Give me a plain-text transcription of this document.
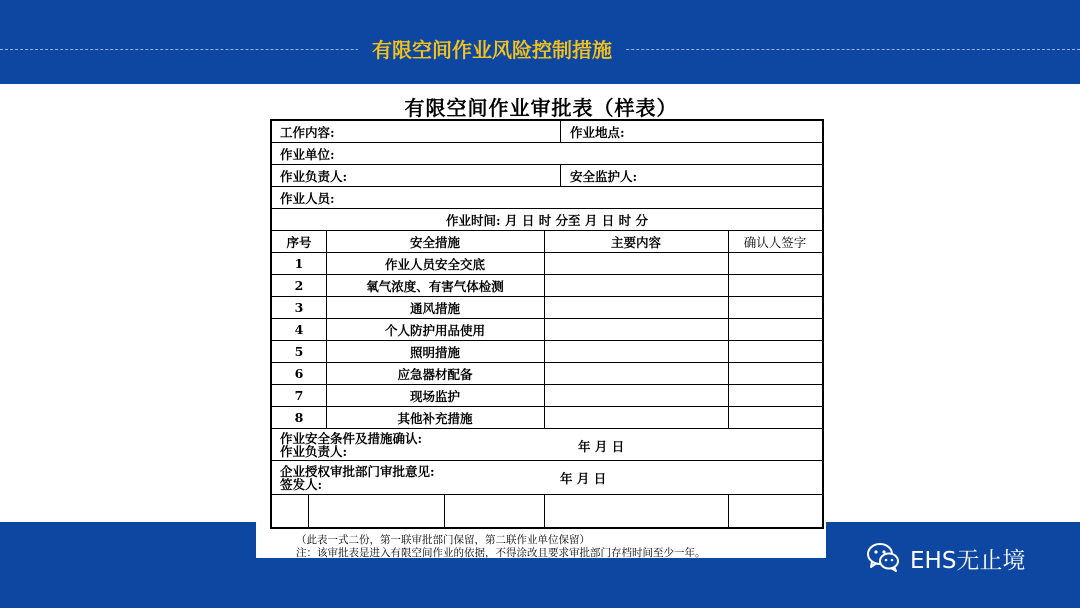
有限空间作业风险控制措施
有限空间作业审批表（样表）
工作内容:	作业地点:
作业单位:
作业负责人:	安全监护人:
作业人员:
作业时间: 月 日 时 分至 月 日 时 分
序号	安全措施	主要内容	确认人签字
1	作业人员安全交底
2	氧气浓度、有害气体检测
3	通风措施
4	个人防护用品使用
5	照明措施
6	应急器材配备
7	现场监护
8	其他补充措施
作业安全条件及措施确认:
作业负责人:	年 月 日
企业授权审批部门审批意见:
签发人:	年 月 日
（此表一式二份，第一联审批部门保留，第二联作业单位保留）
注：该审批表是进入有限空间作业的依据，不得涂改且要求审批部门存档时间至少一年。	EHS无止境
